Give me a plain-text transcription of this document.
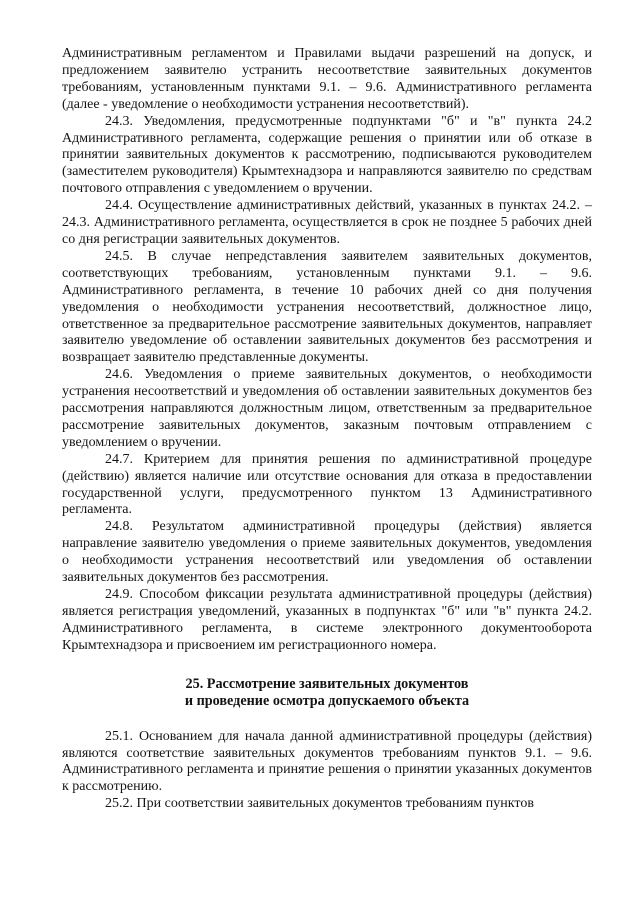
Административным регламентом и Правилами выдачи разрешений на допуск, и предложением заявителю устранить несоответствие заявительных документов требованиям, установленным пунктами 9.1. – 9.6. Административного регламента (далее - уведомление о необходимости устранения несоответствий).

24.3. Уведомления, предусмотренные подпунктами "б" и "в" пункта 24.2 Административного регламента, содержащие решения о принятии или об отказе в принятии заявительных документов к рассмотрению, подписываются руководителем (заместителем руководителя) Крымтехнадзора и направляются заявителю по средствам почтового отправления с уведомлением о вручении.

24.4. Осуществление административных действий, указанных в пунктах 24.2. – 24.3. Административного регламента, осуществляется в срок не позднее 5 рабочих дней со дня регистрации заявительных документов.

24.5. В случае непредставления заявителем заявительных документов, соответствующих требованиям, установленным пунктами 9.1. – 9.6. Административного регламента, в течение 10 рабочих дней со дня получения уведомления о необходимости устранения несоответствий, должностное лицо, ответственное за предварительное рассмотрение заявительных документов, направляет заявителю уведомление об оставлении заявительных документов без рассмотрения и возвращает заявителю представленные документы.

24.6. Уведомления о приеме заявительных документов, о необходимости устранения несоответствий и уведомления об оставлении заявительных документов без рассмотрения направляются должностным лицом, ответственным за предварительное рассмотрение заявительных документов, заказным почтовым отправлением с уведомлением о вручении.

24.7. Критерием для принятия решения по административной процедуре (действию) является наличие или отсутствие основания для отказа в предоставлении государственной услуги, предусмотренного пунктом 13 Административного регламента.

24.8. Результатом административной процедуры (действия) является направление заявителю уведомления о приеме заявительных документов, уведомления о необходимости устранения несоответствий или уведомления об оставлении заявительных документов без рассмотрения.

24.9. Способом фиксации результата административной процедуры (действия) является регистрация уведомлений, указанных в подпунктах "б" или "в" пункта 24.2. Административного регламента, в системе электронного документооборота Крымтехнадзора и присвоением им регистрационного номера.

25. Рассмотрение заявительных документов
и проведение осмотра допускаемого объекта

25.1. Основанием для начала данной административной процедуры (действия) являются соответствие заявительных документов требованиям пунктов 9.1. – 9.6. Административного регламента и принятие решения о принятии указанных документов к рассмотрению.

25.2. При соответствии заявительных документов требованиям пунктов
